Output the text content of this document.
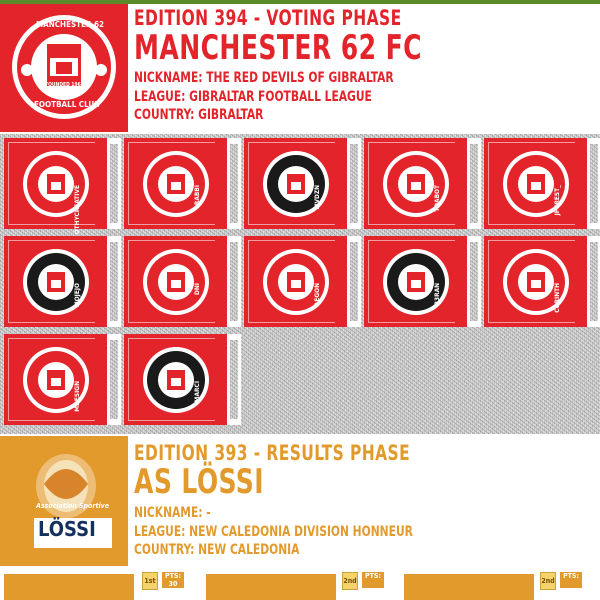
MANCHESTER 62
FOUNDED 1962
FOOTBALL CLUB
EDITION 394 - VOTING PHASE
MANCHESTER 62 FC
NICKNAME: THE RED DEVILS OF GIBRALTAR
LEAGUE: GIBRALTAR FOOTBALL LEAGUE
COUNTRY: GIBRALTAR
OTHYCREATIVE	RABBI	MVDZN	TDABOT	JPCREST_
MOJEJO	DNI	AEGON	B3RAN	CORINTH
MDESIGN	MARCI
Association Sportive
LÖSSI
EDITION 393 - RESULTS PHASE
AS LÖSSI
NICKNAME: -
LEAGUE: NEW CALEDONIA DIVISION HONNEUR
COUNTRY: NEW CALEDONIA
1st
PTS:
30	2nd
PTS:
2nd
PTS:
